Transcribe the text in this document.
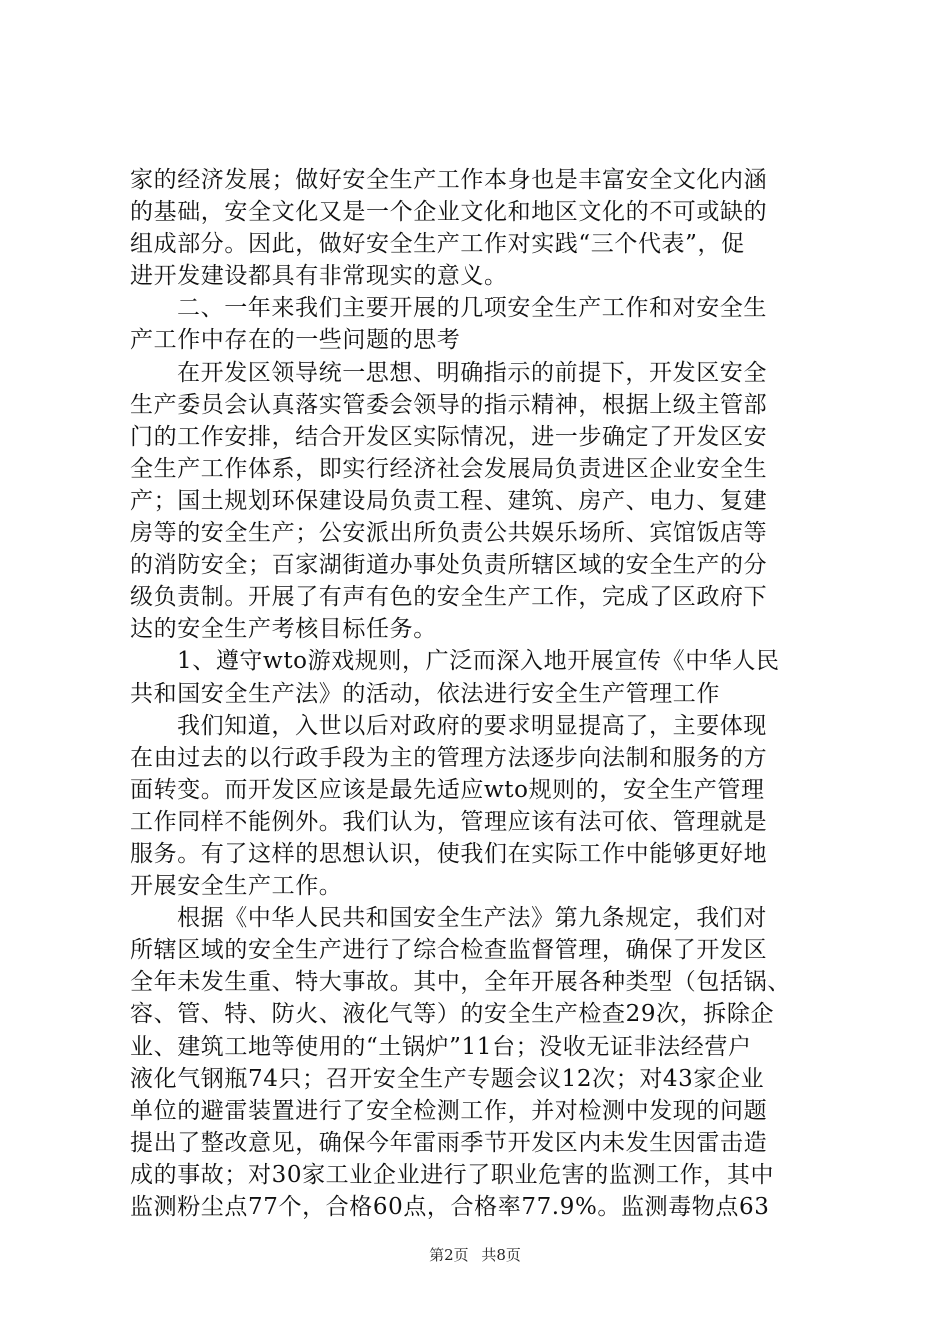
家的经济发展；做好安全生产工作本身也是丰富安全文化内涵
的基础，安全文化又是一个企业文化和地区文化的不可或缺的
组成部分。因此，做好安全生产工作对实践“三个代表”，促
进开发建设都具有非常现实的意义。
二、一年来我们主要开展的几项安全生产工作和对安全生
产工作中存在的一些问题的思考
在开发区领导统一思想、明确指示的前提下，开发区安全
生产委员会认真落实管委会领导的指示精神，根据上级主管部
门的工作安排，结合开发区实际情况，进一步确定了开发区安
全生产工作体系，即实行经济社会发展局负责进区企业安全生
产；国土规划环保建设局负责工程、建筑、房产、电力、复建
房等的安全生产；公安派出所负责公共娱乐场所、宾馆饭店等
的消防安全；百家湖街道办事处负责所辖区域的安全生产的分
级负责制。开展了有声有色的安全生产工作，完成了区政府下
达的安全生产考核目标任务。
1、遵守wto游戏规则，广泛而深入地开展宣传《中华人民
共和国安全生产法》的活动，依法进行安全生产管理工作
我们知道，入世以后对政府的要求明显提高了，主要体现
在由过去的以行政手段为主的管理方法逐步向法制和服务的方
面转变。而开发区应该是最先适应wto规则的，安全生产管理
工作同样不能例外。我们认为，管理应该有法可依、管理就是
服务。有了这样的思想认识，使我们在实际工作中能够更好地
开展安全生产工作。
根据《中华人民共和国安全生产法》第九条规定，我们对
所辖区域的安全生产进行了综合检查监督管理，确保了开发区
全年未发生重、特大事故。其中，全年开展各种类型（包括锅、
容、管、特、防火、液化气等）的安全生产检查29次，拆除企
业、建筑工地等使用的“土锅炉”11台；没收无证非法经营户
液化气钢瓶74只；召开安全生产专题会议12次；对43家企业
单位的避雷装置进行了安全检测工作，并对检测中发现的问题
提出了整改意见，确保今年雷雨季节开发区内未发生因雷击造
成的事故；对30家工业企业进行了职业危害的监测工作，其中
监测粉尘点77个，合格60点，合格率77.9%。监测毒物点63
第2页 共8页
